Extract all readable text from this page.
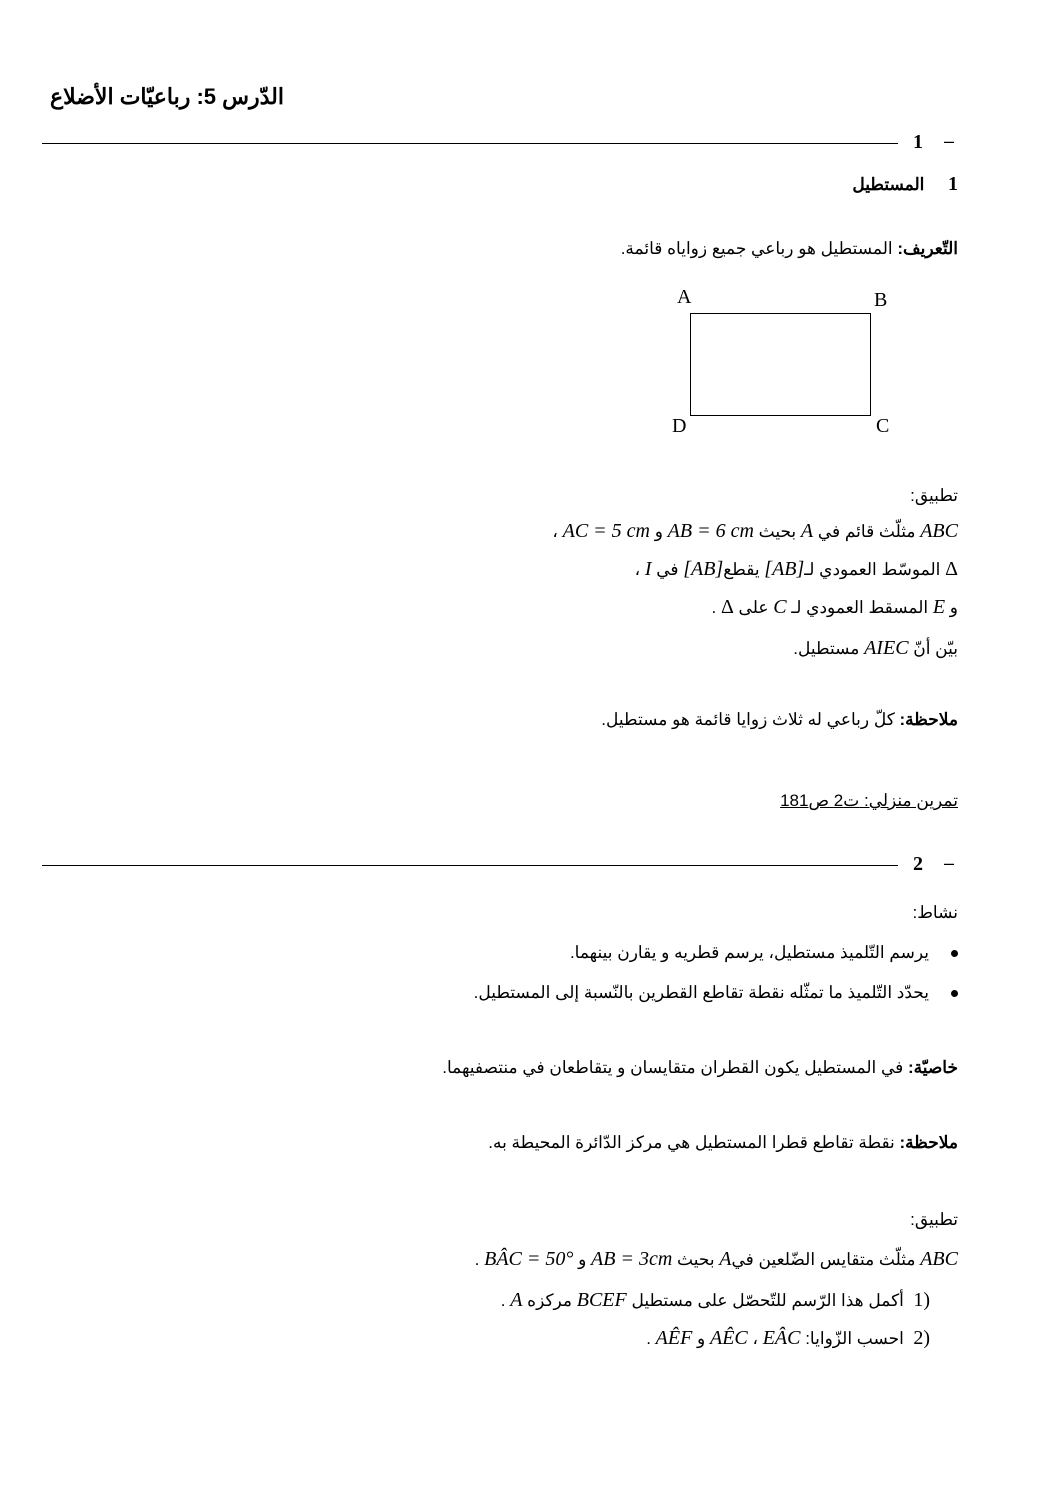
الدّرس 5: رباعيّات الأضلاع
1 –
1

المستطيل
التّعريف:
المستطيل هو رباعي جميع زواياه قائمة.
A	B
C
D
تطبيق:
ABC
مثلّث قائم في
A
بحيث
AB = 6 cm
و
AC = 5 cm
،
Δ
الموسّط العمودي لـ
[AB]
يقطع
[AB]
في
I
،
و
E
المسقط العمودي لـ
C
على
Δ
.
بيّن أنّ
AIEC
مستطيل.
ملاحظة:
كلّ رباعي له ثلاث زوايا قائمة هو مستطيل.
تمرين منزلي:

ت2 ص181
2 –
نشاط:
يرسم التّلميذ مستطيل، يرسم قطريه و يقارن بينهما.
يحدّد التّلميذ ما تمثّله نقطة تقاطع القطرين بالنّسبة إلى المستطيل.
خاصيّة:
في المستطيل يكون القطران متقايسان و يتقاطعان في منتصفيهما.
ملاحظة:
نقطة تقاطع قطرا المستطيل هي مركز الدّائرة المحيطة به.
تطبيق:
ABC
مثلّث متقايس الضّلعين في
A
بحيث
AB = 3cm
و
BÂC = 50°
.
1)
أكمل هذا الرّسم للتّحصّل على مستطيل
BCEF
مركزه
A
.
2)
احسب الزّوايا:
EÂC
،
AÊC
و
AÊF
.
